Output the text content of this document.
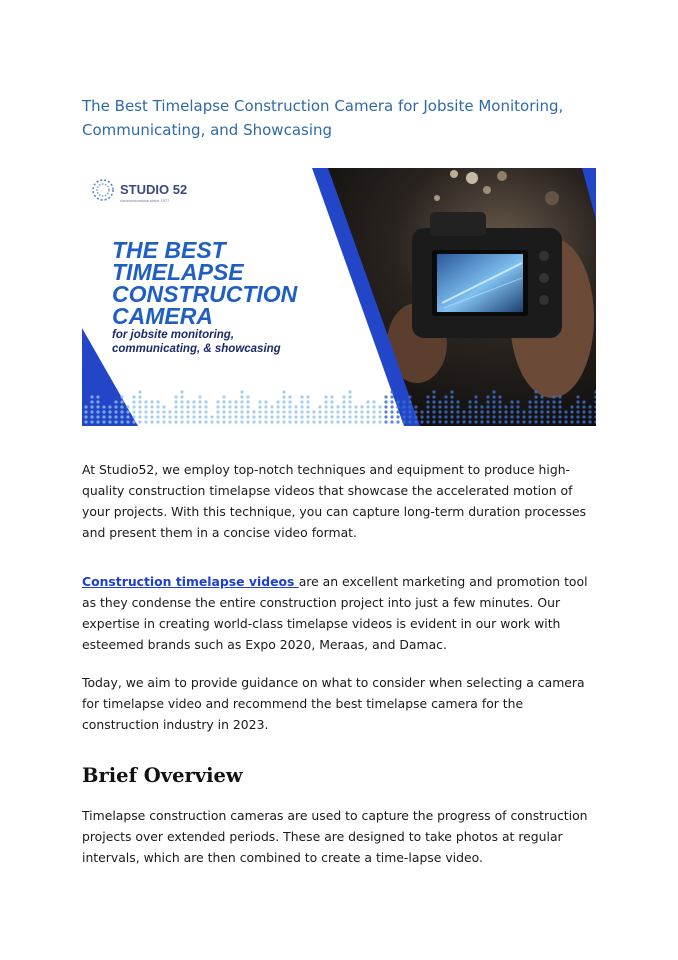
The Best Timelapse Construction Camera for Jobsite Monitoring, Communicating, and Showcasing
STUDIO 52
communications since 1977
THE BEST
TIMELAPSE
CONSTRUCTION
CAMERA
for jobsite monitoring,
communicating, & showcasing

At Studio52, we employ top-notch techniques and equipment to produce high-quality construction timelapse videos that showcase the accelerated motion of your projects. With this technique, you can capture long-term duration processes and present them in a concise video format.

Construction timelapse videos are an excellent marketing and promotion tool as they condense the entire construction project into just a few minutes. Our expertise in creating world-class timelapse videos is evident in our work with esteemed brands such as Expo 2020, Meraas, and Damac.

Today, we aim to provide guidance on what to consider when selecting a camera for timelapse video and recommend the best timelapse camera for the construction industry in 2023.

Brief Overview

Timelapse construction cameras are used to capture the progress of construction projects over extended periods. These are designed to take photos at regular intervals, which are then combined to create a time-lapse video.
